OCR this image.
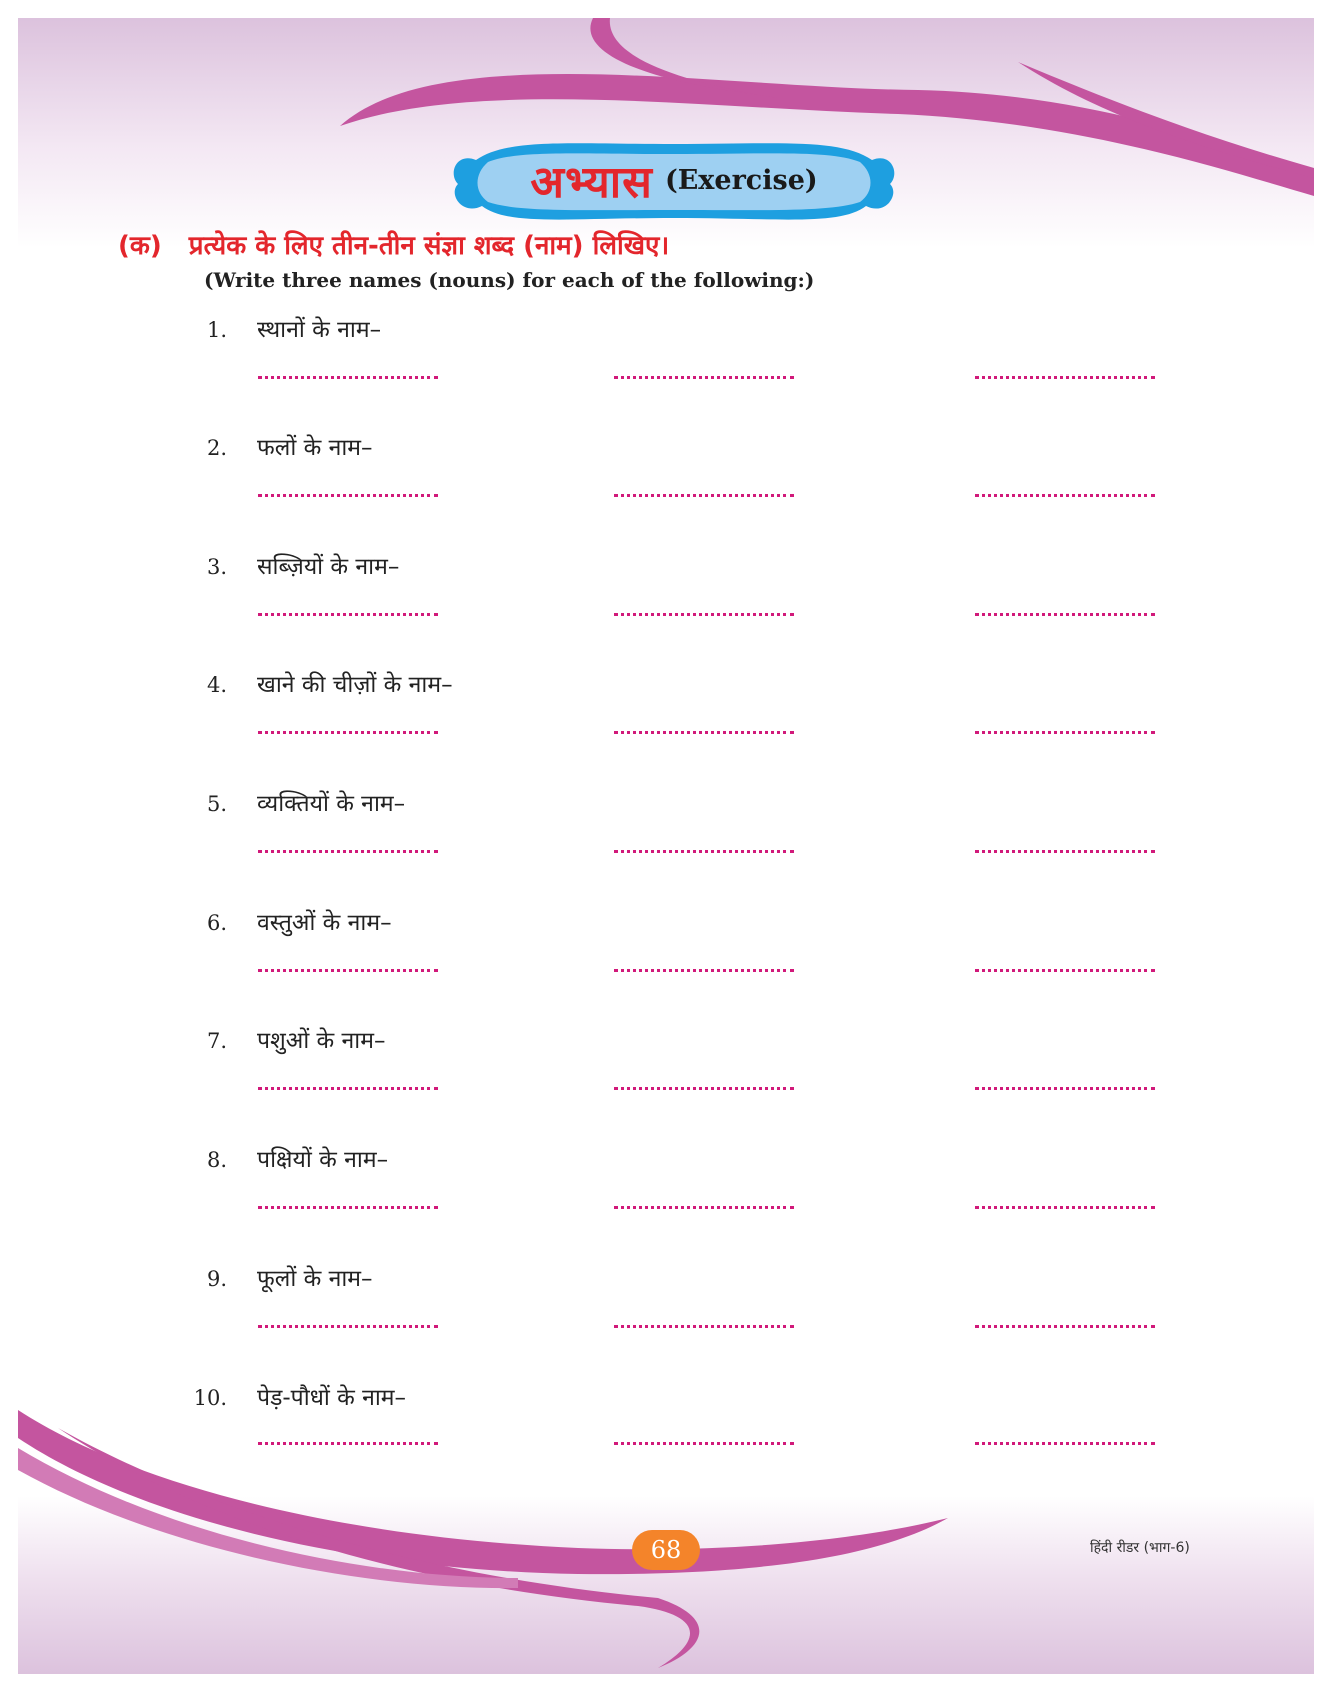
अभ्यास (Exercise)
(क) प्रत्येक के लिए तीन-तीन संज्ञा शब्द (नाम) लिखिए।
(Write three names (nouns) for each of the following:)
1. स्थानों के नाम–
2. फलों के नाम–
3. सब्ज़ियों के नाम–
4. खाने की चीज़ों के नाम–
5. व्यक्तियों के नाम–
6. वस्तुओं के नाम–
7. पशुओं के नाम–
8. पक्षियों के नाम–
9. फूलों के नाम–
10. पेड़-पौधों के नाम–
68	हिंदी रीडर (भाग-6)
